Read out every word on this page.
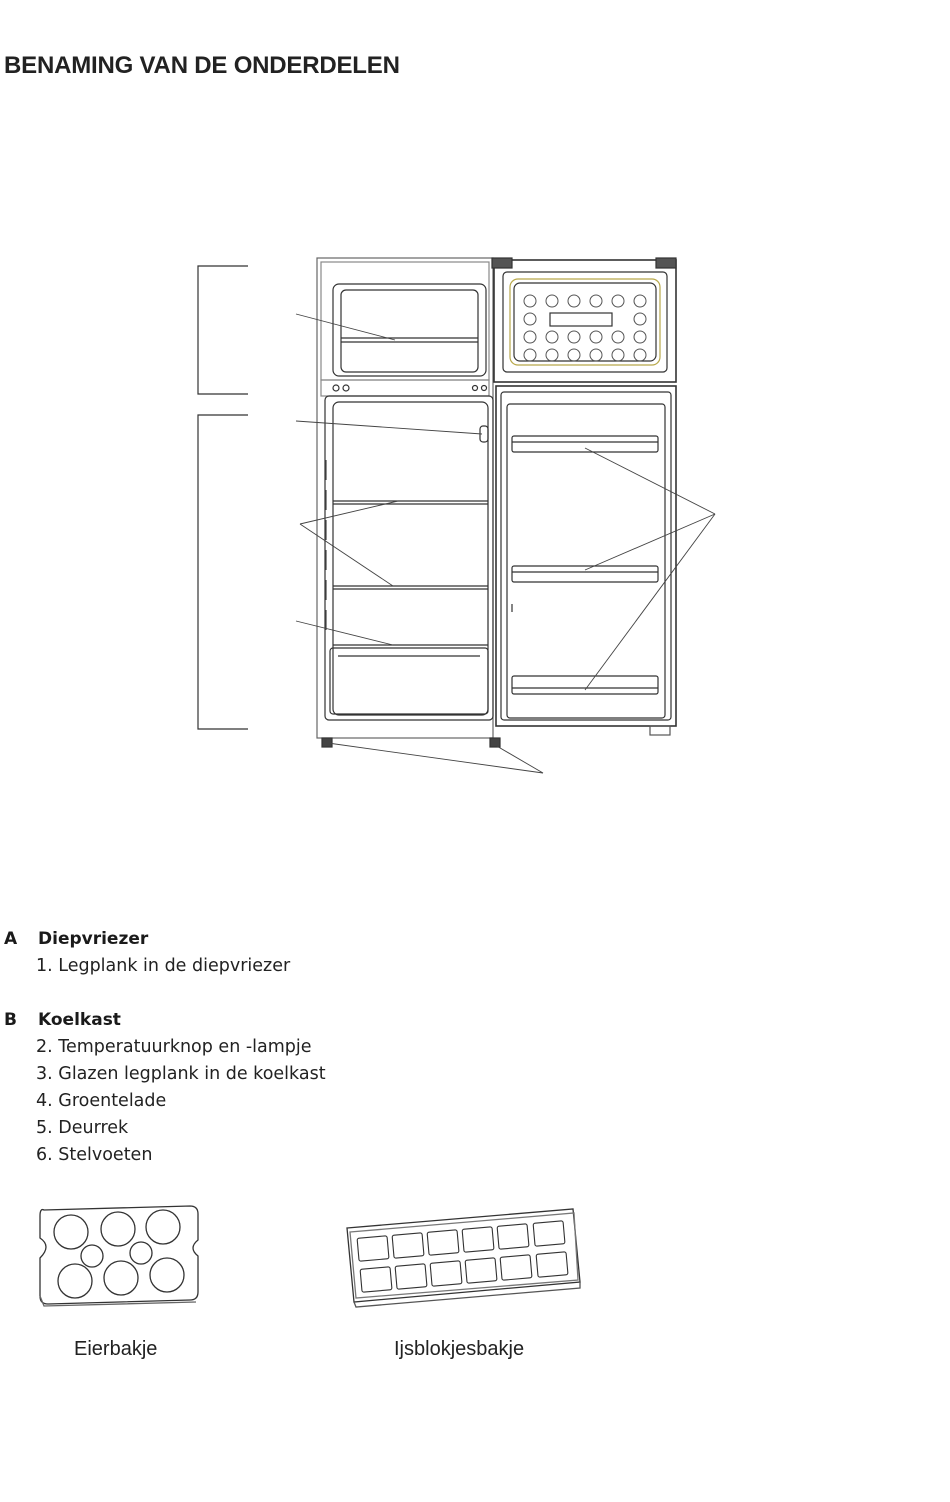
BENAMING VAN DE ONDERDELEN
A Diepvriezer
1. Legplank in de diepvriezer
B Koelkast
2. Temperatuurknop en -lampje
3. Glazen legplank in de koelkast
4. Groentelade
5. Deurrek
6. Stelvoeten
Eierbakje	Ijsblokjesbakje
